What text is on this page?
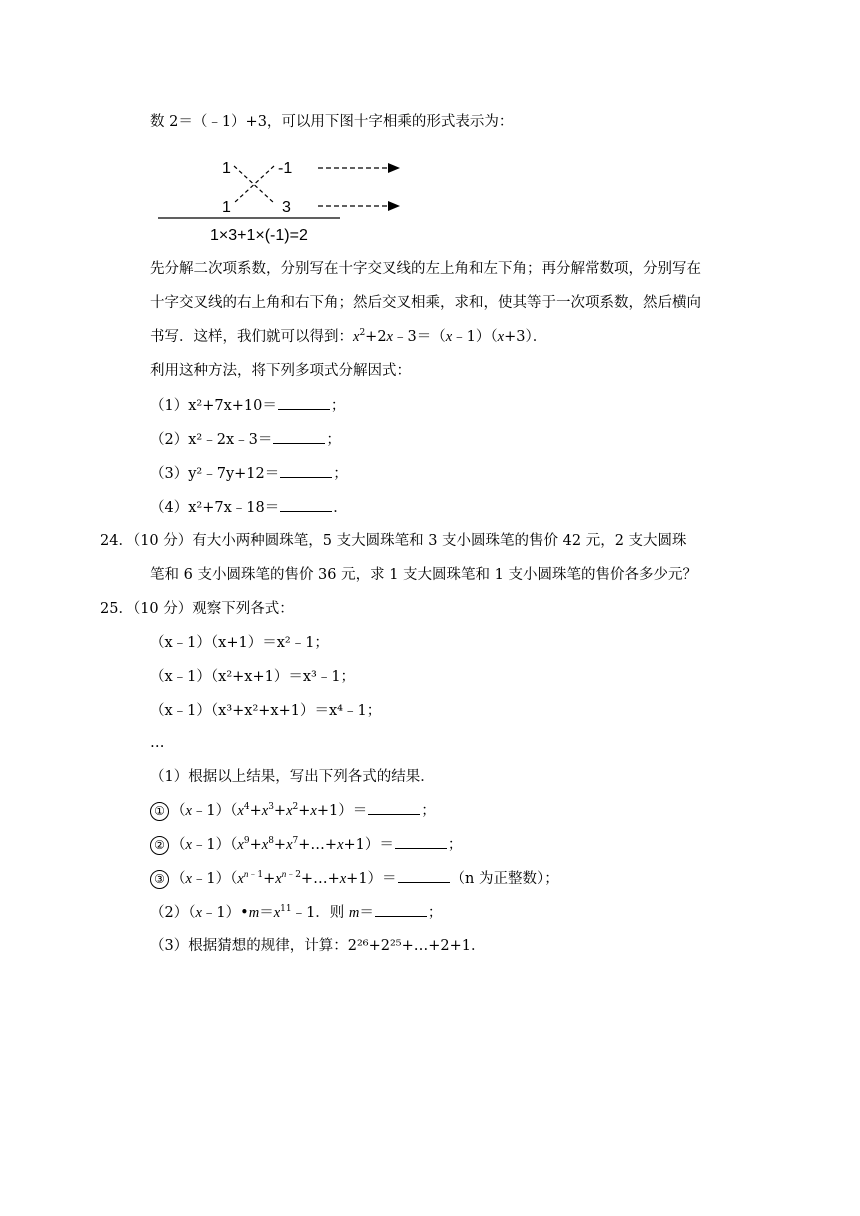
数 2＝（﹣1）+3，可以用下图十字相乘的形式表示为：
1	-1
1	3
1×3+1×(-1)=2
先分解二次项系数，分别写在十字交叉线的左上角和左下角；再分解常数项，分别写在
十字交叉线的右上角和右下角；然后交叉相乘，求和，使其等于一次项系数，然后横向
书写．这样，我们就可以得到：$x^2+2x﹣3=(x﹣1)(x+3)$．
利用这种方法，将下列多项式分解因式：
（1）x²+7x+10＝	；
（2）x²﹣2x﹣3＝	；
（3）y²﹣7y+12＝	；
（4）x²+7x﹣18＝	．
24．（10 分）有大小两种圆珠笔，5 支大圆珠笔和 3 支小圆珠笔的售价 42 元，2 支大圆珠
笔和 6 支小圆珠笔的售价 36 元，求 1 支大圆珠笔和 1 支小圆珠笔的售价各多少元？
25．（10 分）观察下列各式：
（x﹣1）（x+1）＝x²﹣1；
（x﹣1）（x²+x+1）＝x³﹣1；
（x﹣1）（x³+x²+x+1）＝x⁴﹣1；
…
（1）根据以上结果，写出下列各式的结果．
① $(x﹣1)(x^4+x^3+x^2+x+1)=$	；
② $(x﹣1)(x^9+x^8+x^7+\dots+x+1)=$	；
③ $(x﹣1)(x^{n﹣1}+x^{n﹣2}+\dots+x+1)=$	（n 为正整数）；
$(2)(x﹣1)•m=x^{11}﹣1$．则 m＝	；
（3）根据猜想的规律，计算：2²⁶+2²⁵+…+2+1．
